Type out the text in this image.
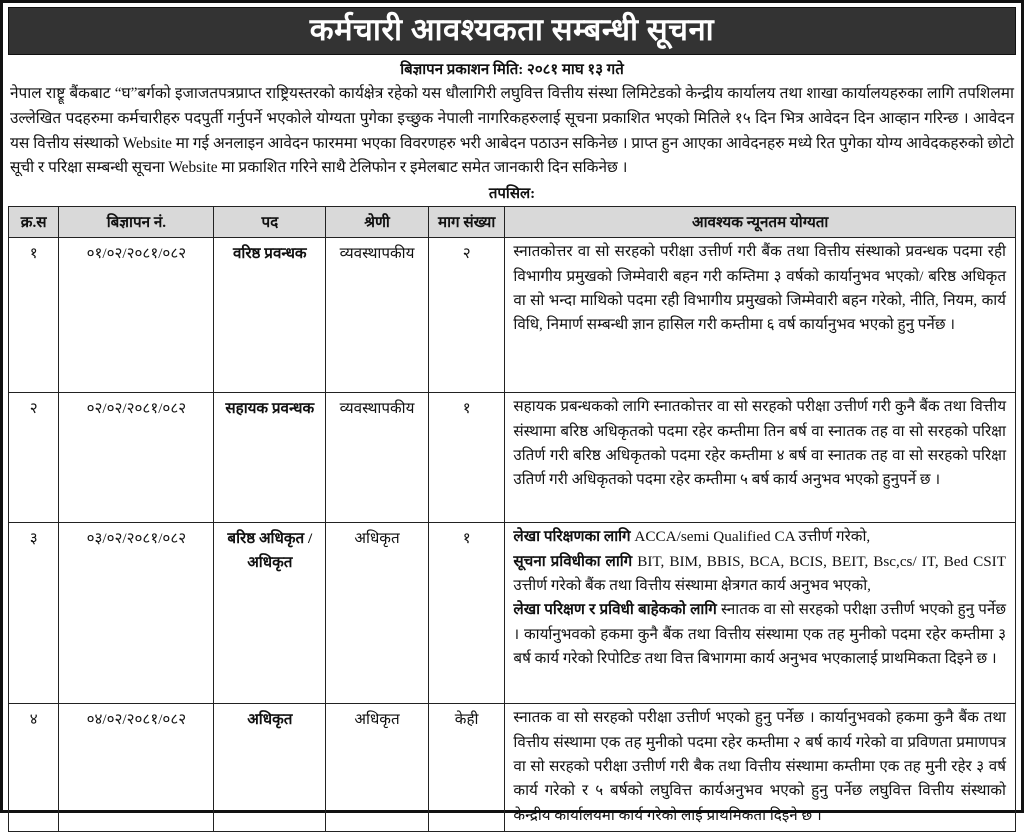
कर्मचारी आवश्यकता सम्बन्धी सूचना
बिज्ञापन प्रकाशन मिति: २०८१ माघ १३ गते
नेपाल राष्ट्रू बैंकबाट “घ”बर्गको इजाजतपत्रप्राप्त राष्ट्रियस्तरको कार्यक्षेत्र रहेको यस धौलागिरी लघुवित्त वित्तीय संस्था लिमिटेडको केन्द्रीय कार्यालय तथा शाखा कार्यालयहरुका लागि तपशिलमा उल्लेखित पदहरुमा कर्मचारीहरु पदपुर्ती गर्नुपर्ने भएकोले योग्यता पुगेका इच्छुक नेपाली नागरिकहरुलाई सूचना प्रकाशित भएको मितिले १५ दिन भित्र आवेदन दिन आव्हान गरिन्छ । आवेदन यस वित्तीय संस्थाको Website मा गई अनलाइन आवेदन फारममा भएका विवरणहरु भरी आबेदन पठाउन सकिनेछ । प्राप्त हुन आएका आवेदनहरु मध्ये रित पुगेका योग्य आवेदकहरुको छोटो सूची र परिक्षा सम्बन्धी सूचना Website मा प्रकाशित गरिने साथै टेलिफोन र इमेलबाट समेत जानकारी दिन सकिनेछ ।
तपसिल:
क्र.स	बिज्ञापन नं.	पद	श्रेणी	माग संख्या	आवश्यक न्यूनतम योग्यता
१	०१/०२/२०८१/०८२	वरिष्ठ प्रवन्धक	व्यवस्थापकीय	२	स्नातकोत्तर वा सो सरहको परीक्षा उत्तीर्ण गरी बैंक तथा वित्तीय संस्थाको प्रवन्धक पदमा रही विभागीय प्रमुखको जिम्मेवारी बहन गरी कम्तिमा ३ वर्षको कार्यानुभव भएको/ बरिष्ठ अधिकृत वा सो भन्दा माथिको पदमा रही विभागीय प्रमुखको जिम्मेवारी बहन गरेको, नीति, नियम, कार्य विधि, निमार्ण सम्बन्धी ज्ञान हासिल गरी कम्तीमा ६ वर्ष कार्यानुभव भएको हुनु पर्नेछ ।

२	०२/०२/२०८१/०८२	सहायक प्रवन्धक	व्यवस्थापकीय	१	सहायक प्रबन्धकको लागि स्नातकोत्तर वा सो सरहको परीक्षा उत्तीर्ण गरी कुनै बैंक तथा वित्तीय संस्थामा बरिष्ठ अधिकृतको पदमा रहेर कम्तीमा तिन बर्ष वा स्नातक तह वा सो सरहको परिक्षा उतिर्ण गरी बरिष्ठ अधिकृतको पदमा रहेर कम्तीमा ४ बर्ष वा स्नातक तह वा सो सरहको परिक्षा उतिर्ण गरी अधिकृतको पदमा रहेर कम्तीमा ५ बर्ष कार्य अनुभव भएको हुनुपर्ने छ ।

३	०३/०२/२०८१/०८२	बरिष्ठ अधिकृत /अधिकृत	अधिकृत	१	लेखा परिक्षणका लागि ACCA/semi Qualified CA उत्तीर्ण गरेको,

सूचना प्रविधीका लागि BIT, BIM, BBIS, BCA, BCIS, BEIT, Bsc,cs/ IT, Bed CSIT उत्तीर्ण गरेको बैंक तथा वित्तीय संस्थामा क्षेत्रगत कार्य अनुभव भएको,

लेखा परिक्षण र प्रविधी बाहेकको लागि स्नातक वा सो सरहको परीक्षा उत्तीर्ण भएको हुनु पर्नेछ । कार्यानुभवको हकमा कुनै बैंक तथा वित्तीय संस्थामा एक तह मुनीको पदमा रहेर कम्तीमा ३ बर्ष कार्य गरेको रिपोटिङ तथा वित्त बिभागमा कार्य अनुभव भएकालाई प्राथमिकता दिइने छ ।

४	०४/०२/२०८१/०८२	अधिकृत	अधिकृत	केही	स्नातक वा सो सरहको परीक्षा उत्तीर्ण भएको हुनु पर्नेछ । कार्यानुभवको हकमा कुनै बैंक तथा वित्तीय संस्थामा एक तह मुनीको पदमा रहेर कम्तीमा २ बर्ष कार्य गरेको वा प्रविणता प्रमाणपत्र वा सो सरहको परीक्षा उत्तीर्ण गरी बैक तथा वित्तीय संस्थामा कम्तीमा एक तह मुनी रहेर ३ वर्ष कार्य गरेको र ५ बर्षको लघुवित्त कार्यअनुभव भएको हुनु पर्नेछ लघुवित्त वित्तीय संस्थाको केन्द्रीय कार्यालयमा कार्य गरेको लाई प्राथमिकता दिइने छ ।
